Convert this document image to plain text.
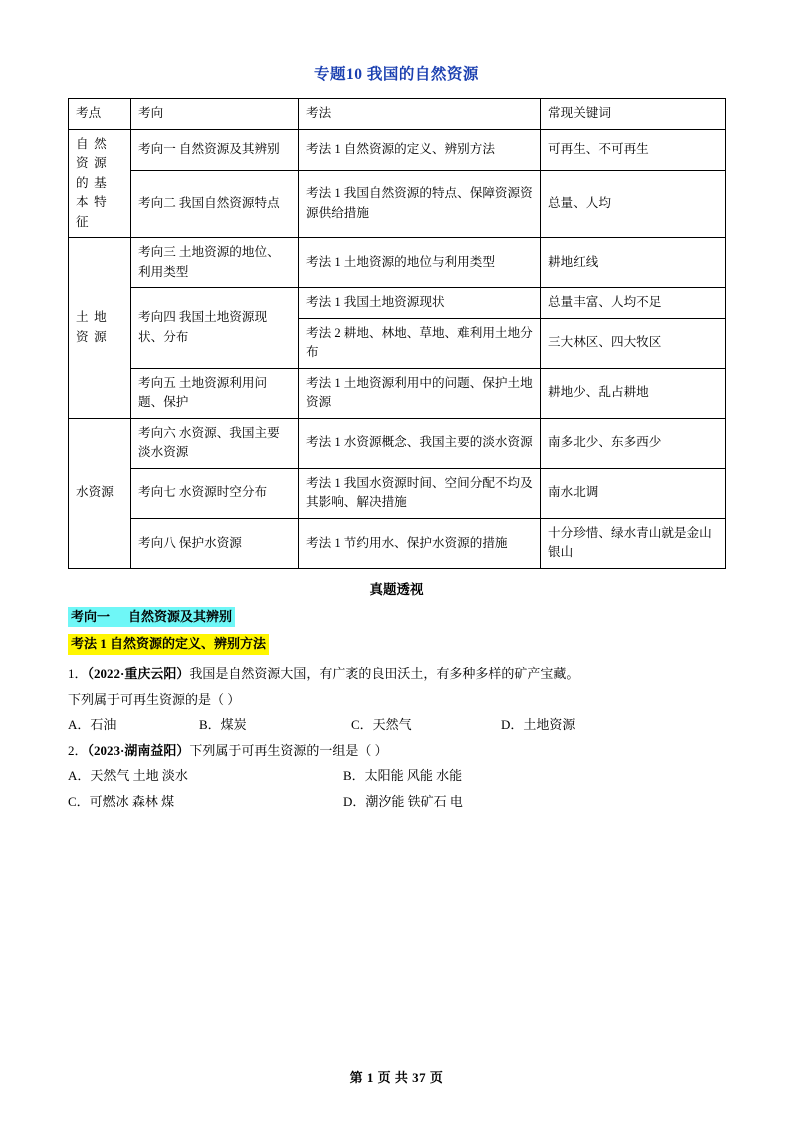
专题10 我国的自然资源
考点	考向	考法	常现关键词
自 然 资 源 的 基 本 特 征	考向一 自然资源及其辨别	考法 1 自然资源的定义、辨别方法	可再生、不可再生
	考向二 我国自然资源特点	考法 1 我国自然资源的特点、保障资源资源供给措施	总量、人均
土 地 资 源	考向三 土地资源的地位、利用类型	考法 1 土地资源的地位与利用类型	耕地红线
	考向四 我国土地资源现状、分布	考法 1 我国土地资源现状	总量丰富、人均不足
		考法 2 耕地、林地、草地、难利用土地分布	三大林区、四大牧区
	考向五 土地资源利用问题、保护	考法 1 土地资源利用中的问题、保护土地资源	耕地少、乱占耕地
水资源	考向六 水资源、我国主要淡水资源	考法 1 水资源概念、我国主要的淡水资源	南多北少、东多西少
	考向七 水资源时空分布	考法 1 我国水资源时间、空间分配不均及其影响、解决措施	南水北调
	考向八 保护水资源	考法 1 节约用水、保护水资源的措施	十分珍惜、绿水青山就是金山银山
真题透视
考向一 自然资源及其辨别
考法 1 自然资源的定义、辨别方法
1．（2022·重庆云阳）我国是自然资源大国，有广袤的良田沃土，有多种多样的矿产宝藏。
下列属于可再生资源的是（ ）
A．石油	B．煤炭	C．天然气	D．土地资源
2．（2023·湖南益阳）下列属于可再生资源的一组是（ ）
A．天然气 土地 淡水	B．太阳能 风能 水能
C．可燃冰 森林 煤	D．潮汐能 铁矿石 电
第 1 页 共 37 页
